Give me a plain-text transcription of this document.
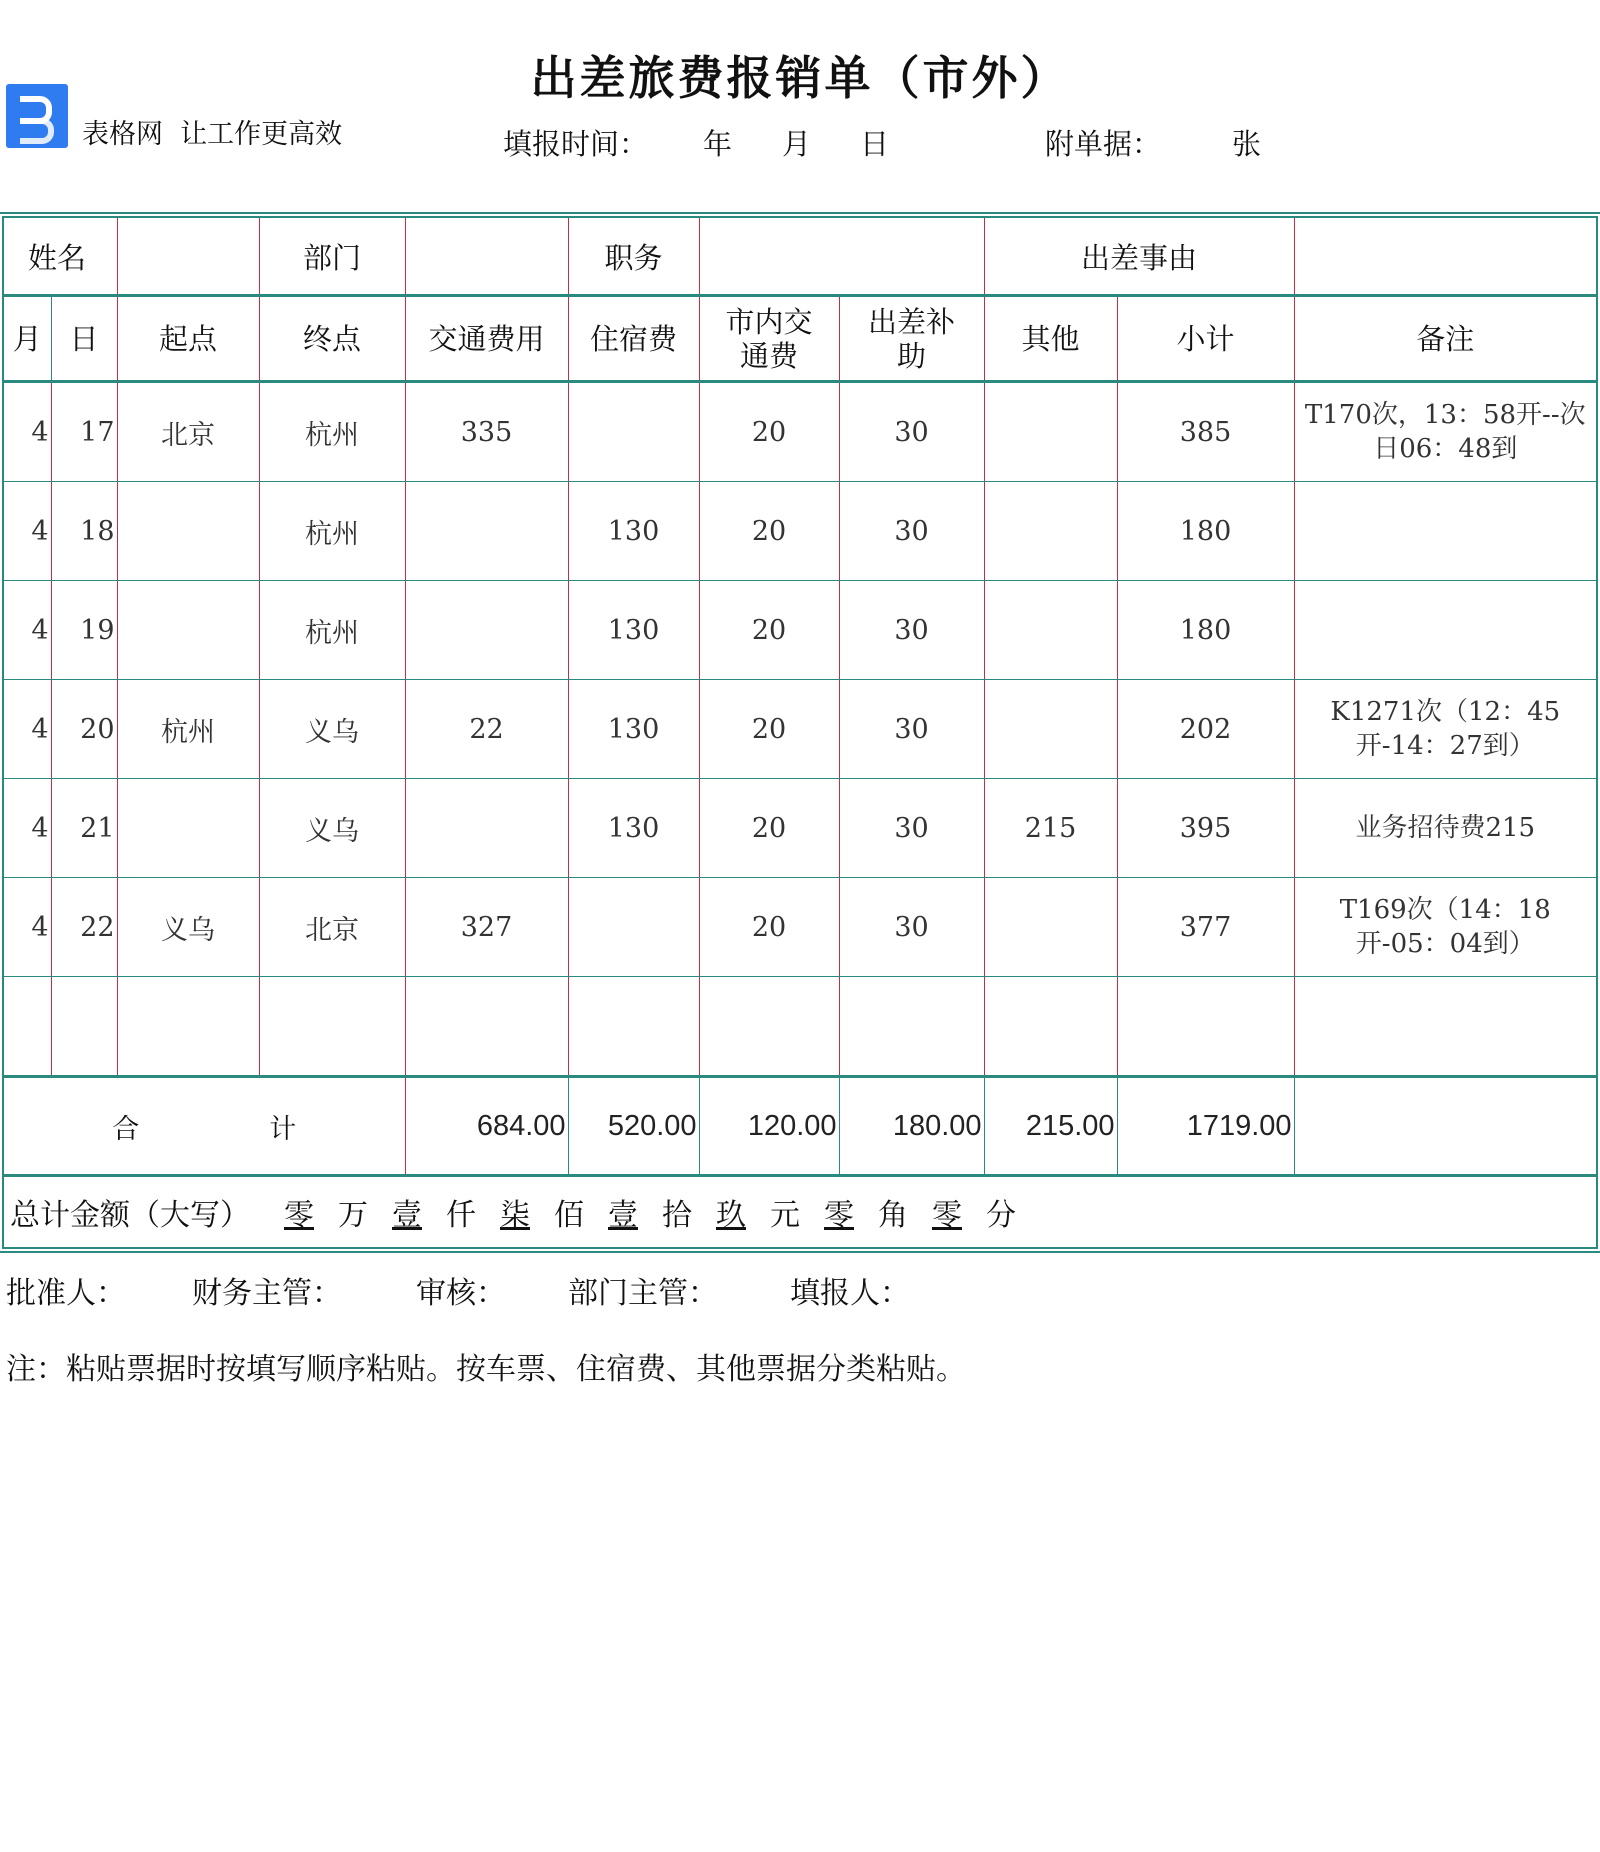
表格网  让工作更高效
出差旅费报销单（市外）
填报时间： 年 月 日	附单据： 张
姓名			部门		职务			出差事由		
月	日	起点	终点	交通费用	住宿费	市内交通费	出差补助	其他	小计	备注
4	17	北京	杭州	335		20	30		385	T170次，13：58开--次日06：48到
4	18		杭州		130	20	30		180	
4	19		杭州		130	20	30		180	
4	20	杭州	义乌	22	130	20	30		202	K1271次（12：45开-14：27到）
4	21		义乌		130	20	30	215	395	业务招待费215
4	22	义乌	北京	327		20	30		377	T169次（14：18开-05：04到）

合 计				684.00	520.00	120.00	180.00	215.00	1719.00	
总计金额（大写） 零 万 壹 仟 柒 佰 壹 拾 玖 元 零 角 零 分										
批准人： 财务主管： 审核： 部门主管： 填报人：
注：粘贴票据时按填写顺序粘贴。按车票、住宿费、其他票据分类粘贴。
